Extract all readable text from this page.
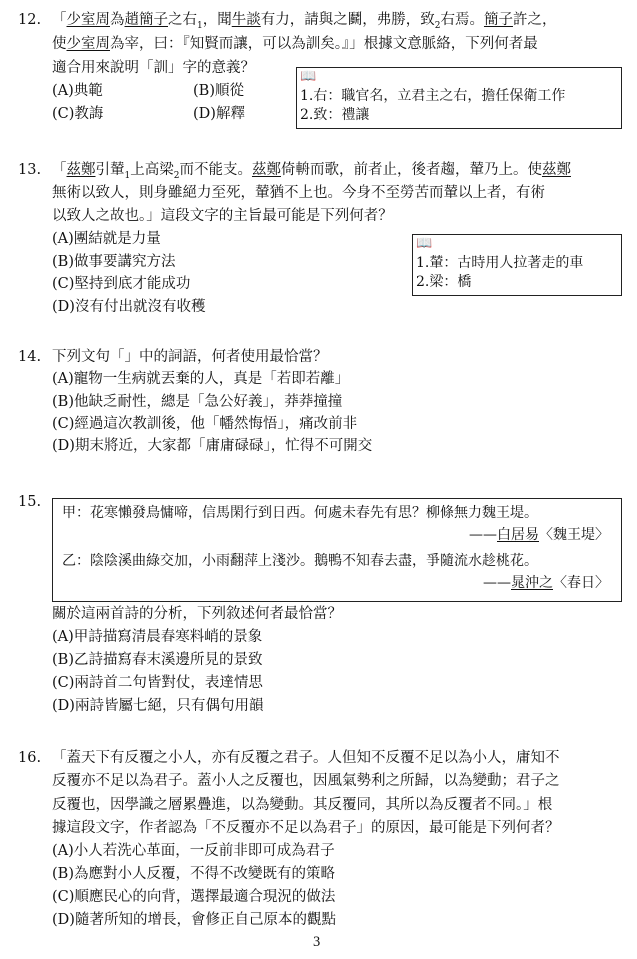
12. 「少室周為趙簡子之右$_1$，聞牛談有力，請與之鬬，弗勝，致$_2$右焉。簡子許之，
使少室周為宰，曰：『知賢而讓，可以為訓矣。』」根據文意脈絡，下列何者最
適合用來說明「訓」字的意義？
(A)典範	(B)順從
(C)教誨	(D)解釋
📖
1.右：職官名，立君主之右，擔任保衛工作
2.致：禮讓
13. 「茲鄭引輦$_1$上高梁$_2$而不能支。茲鄭倚輈而歌，前者止，後者趨，輦乃上。使茲鄭
無術以致人，則身雖絕力至死，輦猶不上也。今身不至勞苦而輦以上者，有術
以致人之故也。」這段文字的主旨最可能是下列何者？
(A)團結就是力量
(B)做事要講究方法
(C)堅持到底才能成功
(D)沒有付出就沒有收穫
📖
1.輦：古時用人拉著走的車
2.梁：橋
14. 下列文句「」中的詞語，何者使用最恰當？
(A)寵物一生病就丟棄的人，真是「若即若離」
(B)他缺乏耐性，總是「急公好義」，莽莽撞撞
(C)經過這次教訓後，他「幡然悔悟」，痛改前非
(D)期末將近，大家都「庸庸碌碌」，忙得不可開交
15.
甲：花寒懶發鳥慵啼，信馬閑行到日西。何處未春先有思？柳條無力魏王堤。
——白居易〈魏王堤〉
乙：陰陰溪曲綠交加，小雨翻萍上淺沙。鵝鴨不知春去盡，爭隨流水趁桃花。
——晁沖之〈春日〉
關於這兩首詩的分析，下列敘述何者最恰當？
(A)甲詩描寫清晨春寒料峭的景象
(B)乙詩描寫春末溪邊所見的景致
(C)兩詩首二句皆對仗，表達情思
(D)兩詩皆屬七絕，只有偶句用韻
16. 「蓋天下有反覆之小人，亦有反覆之君子。人但知不反覆不足以為小人，庸知不
反覆亦不足以為君子。蓋小人之反覆也，因風氣勢利之所歸，以為變動；君子之
反覆也，因學識之層累疊進，以為變動。其反覆同，其所以為反覆者不同。」根
據這段文字，作者認為「不反覆亦不足以為君子」的原因，最可能是下列何者？
(A)小人若洗心革面，一反前非即可成為君子
(B)為應對小人反覆，不得不改變既有的策略
(C)順應民心的向背，選擇最適合現況的做法
(D)隨著所知的增長，會修正自己原本的觀點
3
